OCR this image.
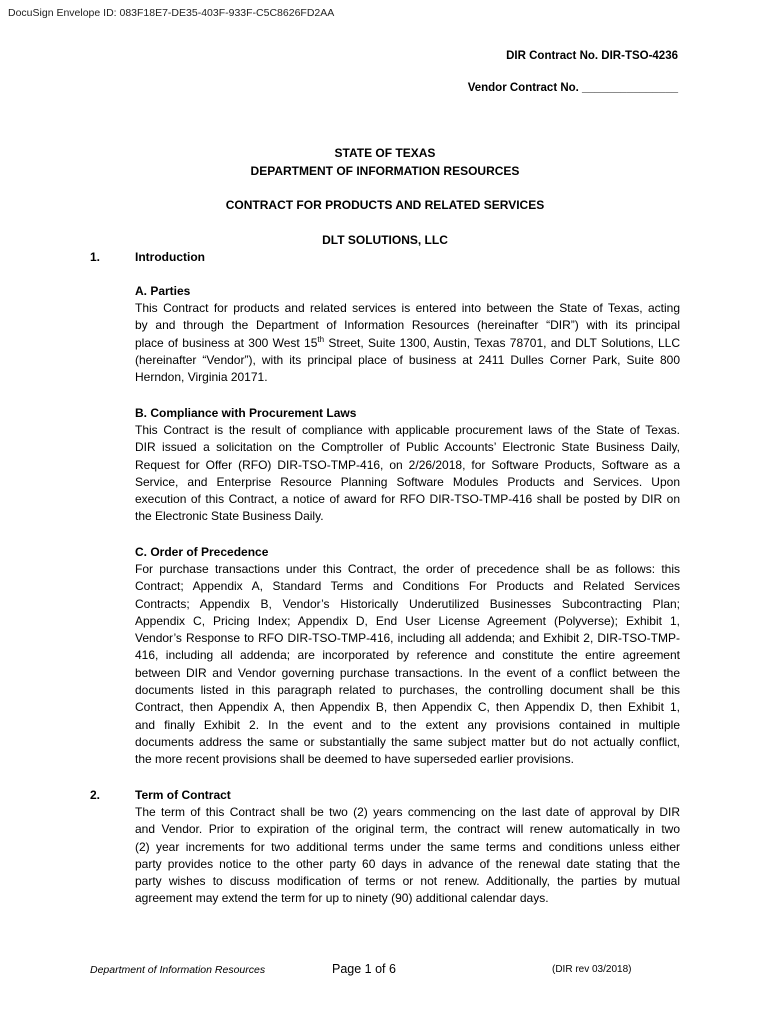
DocuSign Envelope ID: 083F18E7-DE35-403F-933F-C5C8626FD2AA
DIR Contract No. DIR-TSO-4236
Vendor Contract No. _______________
STATE OF TEXAS
DEPARTMENT OF INFORMATION RESOURCES
CONTRACT FOR PRODUCTS AND RELATED SERVICES
DLT SOLUTIONS, LLC
1.	Introduction
A. Parties
This Contract for products and related services is entered into between the State of Texas, acting
by and through the Department of Information Resources (hereinafter “DIR”) with its principal
place of business at 300 West 15th Street, Suite 1300, Austin, Texas 78701, and DLT Solutions, LLC
(hereinafter “Vendor”), with its principal place of business at 2411 Dulles Corner Park, Suite 800
Herndon, Virginia 20171.
B. Compliance with Procurement Laws
This Contract is the result of compliance with applicable procurement laws of the State of Texas.
DIR issued a solicitation on the Comptroller of Public Accounts’ Electronic State Business Daily,
Request for Offer (RFO) DIR-TSO-TMP-416, on 2/26/2018, for Software Products, Software as a
Service, and Enterprise Resource Planning Software Modules Products and Services. Upon
execution of this Contract, a notice of award for RFO DIR-TSO-TMP-416 shall be posted by DIR on
the Electronic State Business Daily.
C. Order of Precedence
For purchase transactions under this Contract, the order of precedence shall be as follows: this
Contract; Appendix A, Standard Terms and Conditions For Products and Related Services
Contracts; Appendix B, Vendor’s Historically Underutilized Businesses Subcontracting Plan;
Appendix C, Pricing Index; Appendix D, End User License Agreement (Polyverse); Exhibit 1,
Vendor’s Response to RFO DIR-TSO-TMP-416, including all addenda; and Exhibit 2, DIR-TSO-TMP-
416, including all addenda; are incorporated by reference and constitute the entire agreement
between DIR and Vendor governing purchase transactions. In the event of a conflict between the
documents listed in this paragraph related to purchases, the controlling document shall be this
Contract, then Appendix A, then Appendix B, then Appendix C, then Appendix D, then Exhibit 1,
and finally Exhibit 2. In the event and to the extent any provisions contained in multiple
documents address the same or substantially the same subject matter but do not actually conflict,
the more recent provisions shall be deemed to have superseded earlier provisions.
2.	Term of Contract
The term of this Contract shall be two (2) years commencing on the last date of approval by DIR
and Vendor. Prior to expiration of the original term, the contract will renew automatically in two
(2) year increments for two additional terms under the same terms and conditions unless either
party provides notice to the other party 60 days in advance of the renewal date stating that the
party wishes to discuss modification of terms or not renew. Additionally, the parties by mutual
agreement may extend the term for up to ninety (90) additional calendar days.
Department of Information Resources	Page 1 of 6	(DIR rev 03/2018)
